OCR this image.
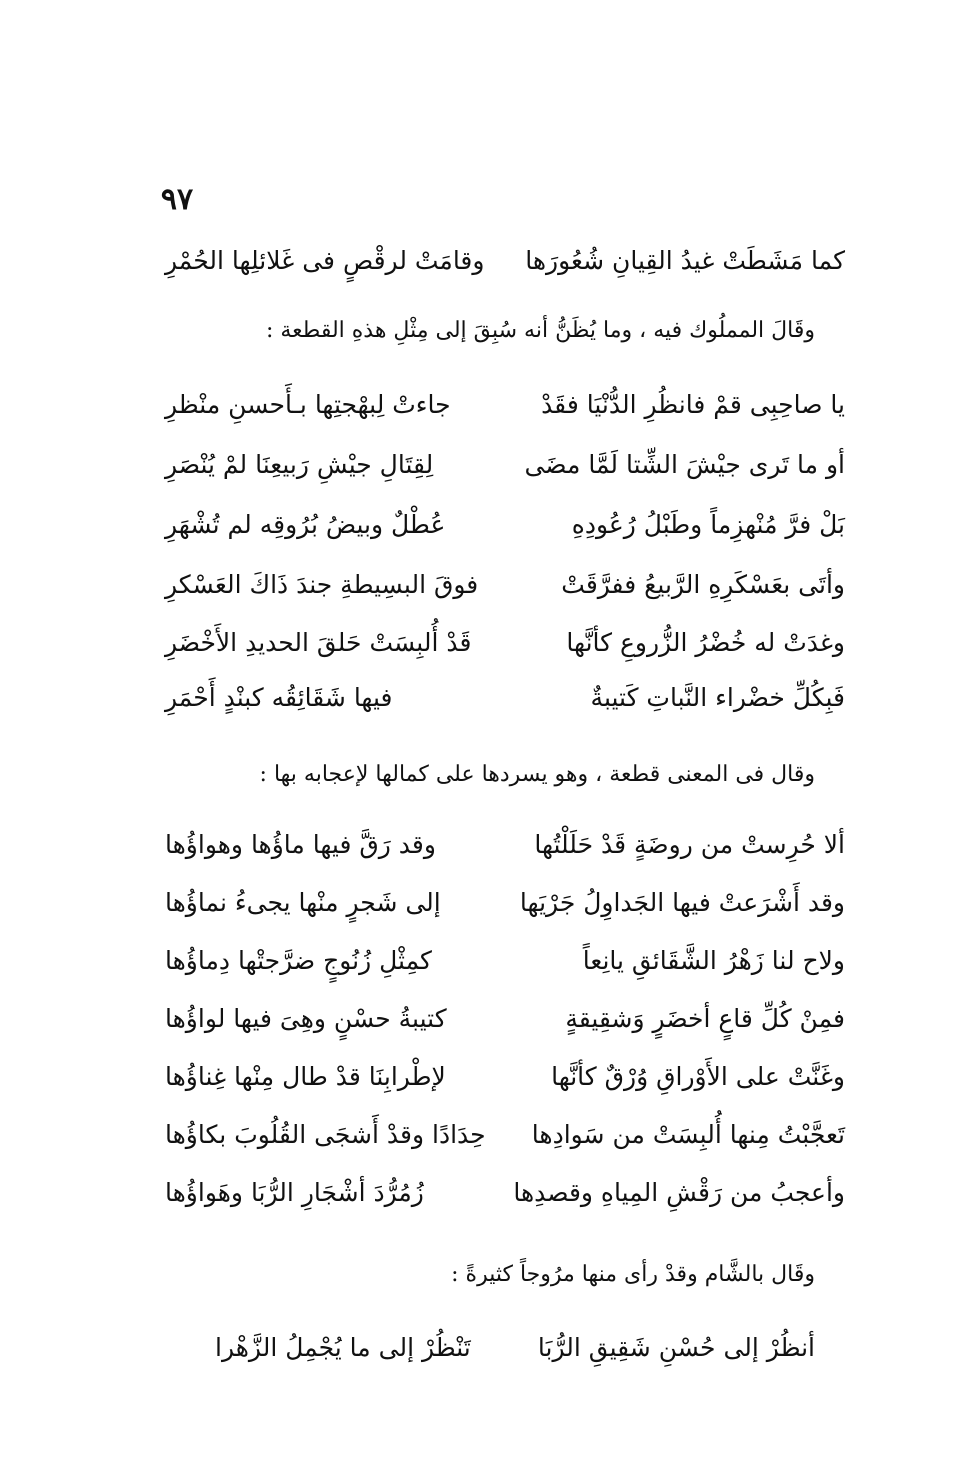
٩٧
كما مَشَطَتْ غيدُ القِيانِ شُعُورَها
وقامَتْ لرقْصٍ فى غَلائلِها الحُمْرِ
وقَالَ المملُوك فيه ، وما يُظَنُّ أنه سُبِقَ إلى مِثْلِ هذهِ القطعة :
يا صاحِبِى قمْ فانظُرِ الدُّنْيَا فقَدْ
جاءتْ لِبهْجتِها بـأَحسنِ منْظرِ
أو ما تَرى جيْشَ الشِّتا لَمَّا مضَى
لِقِتَالِ جيْشِ رَبيعِنَا لمْ يُنْصَرِ
بَلْ فرَّ مُنْهزِماً وطَبْلُ رُعُودِهِ
عُطْلٌ وبيضُ بُرُوقِه لم تُشْهَرِ
وأتَى بعَسْكَرِهِ الرَّبيعُ ففرَّقَتْ
فوقَ البسِيطةِ جندَ ذَاكَ العَسْكرِ
وغدَتْ له خُضْرُ الزُّروعِ كأنَّها
قَدْ أُلبِسَتْ حَلقَ الحديدِ الأَخْضَرِ
فَبِكُلِّ خضْراء النَّباتِ كَتيبةٌ
فيها شَقَائِقُه كبنْدٍ أَحْمَرِ
وقال فى المعنى قطعة ، وهو يسردها على كمالها لإعجابه بها :
ألا حُرِستْ من روضَةٍ قَدْ حَلَلْتُها
وقد رَقَّ فيها ماؤُها وهواؤُها
وقد أَشْرَعتْ فيها الجَداوِلُ جَرْيَها
إلى شَجرٍ منْها يجىءُ نماؤُها
ولاح لنا زَهْرُ الشَّقَائقِ يانِعاً
كمِثْلِ زُنُوجٍ ضرَّجتْها دِماؤُها
فمِنْ كُلِّ قاعٍ أخضَرٍ وَشقِيقةٍ
كتيبةُ حسْنٍ وهِىَ فيها لواؤُها
وغَنَّتْ على الأَوْراقِ وُرْقٌ كأنَّها
لإطْرابِنَا قدْ طال مِنْها غِناؤُها
تَعجَّبْتُ مِنها أُلبِسَتْ من سَوادِها
حِدَادًا وقدْ أَشجَى القُلُوبَ بكاؤُها
وأعجبُ من رَقْشِ المِياهِ وقصدِها
زُمُرُّدَ أشْجَارِ الرُّبَا وهَواؤُها
وقَال بالشَّام وقدْ رأى منها مرُوجاً كثيرةً :
أنظُرْ إلى حُسْنِ شَقِيقِ الرُّبَا
تَنْظُرْ إلى ما يُجْمِلُ الزَّهْرا
